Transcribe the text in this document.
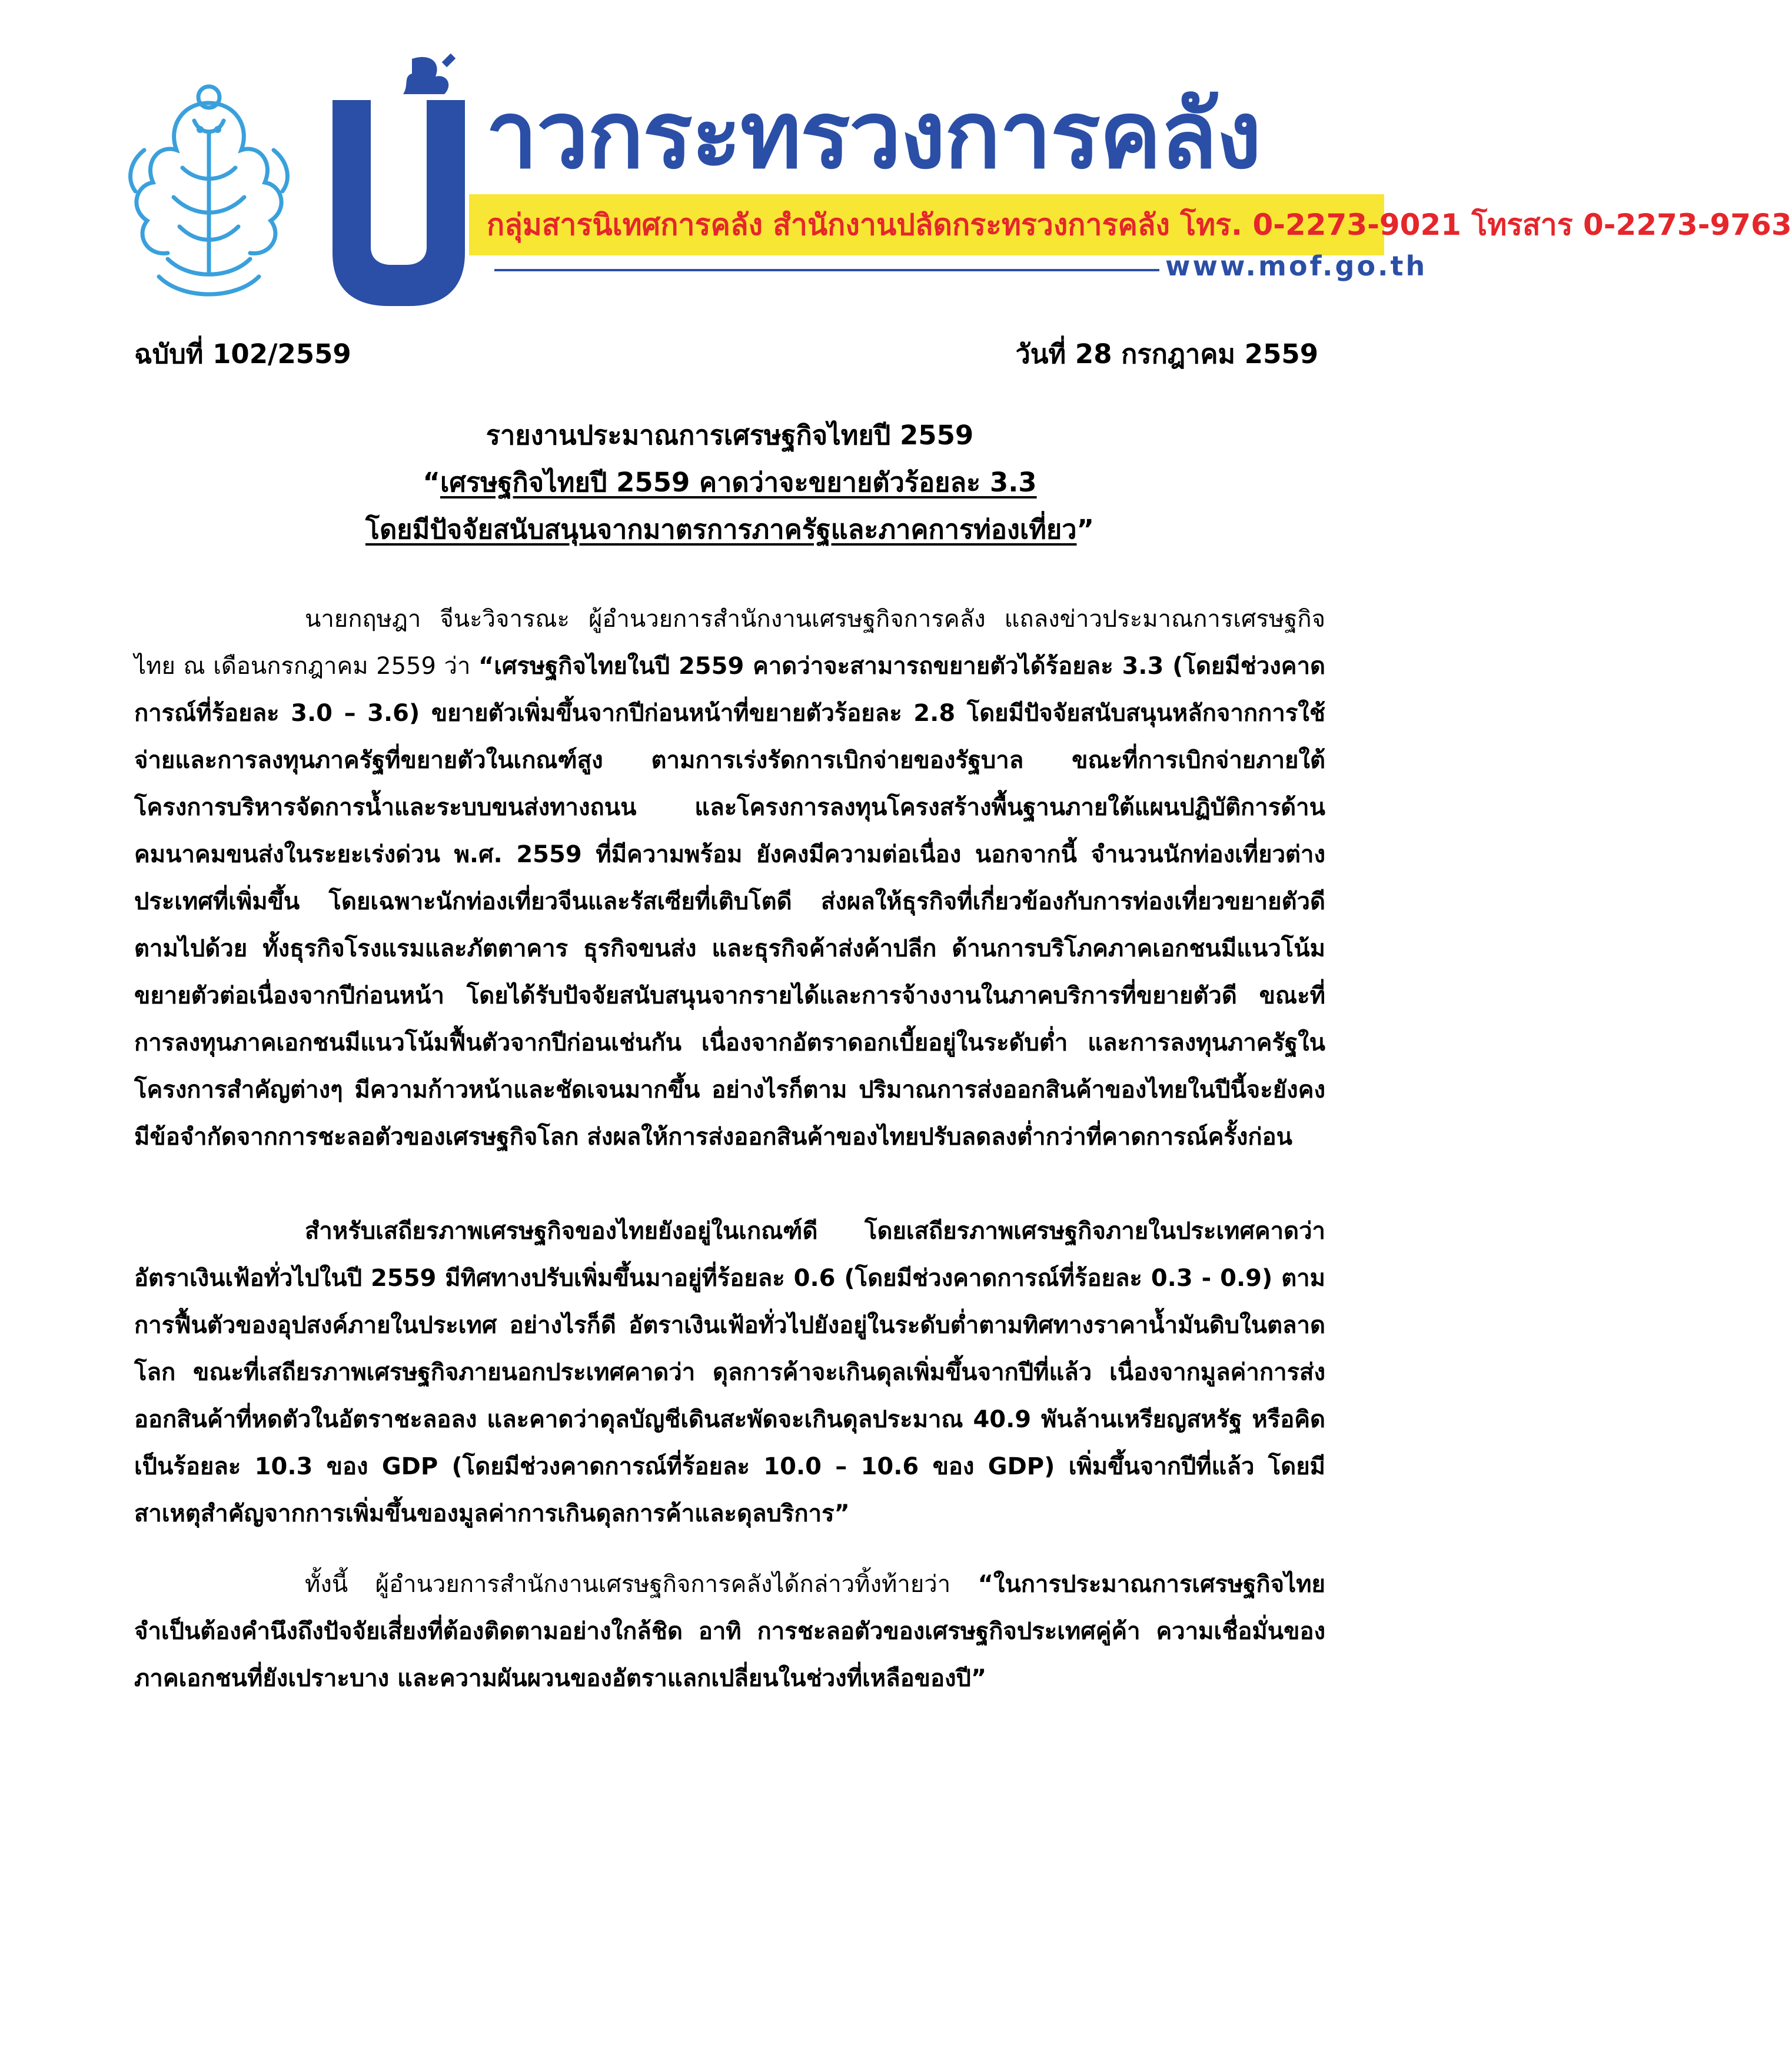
าวกระทรวงการคลัง
กลุ่มสารนิเทศการคลัง สำนักงานปลัดกระทรวงการคลัง โทร. 0-2273-9021 โทรสาร 0-2273-9763
www.mof.go.th
ฉบับที่ 102/2559	วันที่ 28 กรกฎาคม 2559
รายงานประมาณการเศรษฐกิจไทยปี 2559
“เศรษฐกิจไทยปี 2559 คาดว่าจะขยายตัวร้อยละ 3.3
โดยมีปัจจัยสนับสนุนจากมาตรการภาครัฐและภาคการท่องเที่ยว”

นายกฤษฎา จีนะวิจารณะ ผู้อำนวยการสำนักงานเศรษฐกิจการคลัง แถลงข่าวประมาณการเศรษฐกิจไทย ณ เดือนกรกฎาคม 2559 ว่า “เศรษฐกิจไทยในปี 2559 คาดว่าจะสามารถขยายตัวได้ร้อยละ 3.3 (โดยมีช่วงคาดการณ์ที่ร้อยละ 3.0 – 3.6) ขยายตัวเพิ่มขึ้นจากปีก่อนหน้าที่ขยายตัวร้อยละ 2.8 โดยมีปัจจัยสนับสนุนหลักจากการใช้จ่ายและการลงทุนภาครัฐที่ขยายตัวในเกณฑ์สูง ตามการเร่งรัดการเบิกจ่ายของรัฐบาล ขณะที่การเบิกจ่ายภายใต้โครงการบริหารจัดการน้ำและระบบขนส่งทางถนน และโครงการลงทุนโครงสร้างพื้นฐานภายใต้แผนปฏิบัติการด้านคมนาคมขนส่งในระยะเร่งด่วน พ.ศ. 2559 ที่มีความพร้อม ยังคงมีความต่อเนื่อง นอกจากนี้ จำนวนนักท่องเที่ยวต่างประเทศที่เพิ่มขึ้น โดยเฉพาะนักท่องเที่ยวจีนและรัสเซียที่เติบโตดี ส่งผลให้ธุรกิจที่เกี่ยวข้องกับการท่องเที่ยวขยายตัวดีตามไปด้วย ทั้งธุรกิจโรงแรมและภัตตาคาร ธุรกิจขนส่ง และธุรกิจค้าส่งค้าปลีก ด้านการบริโภคภาคเอกชนมีแนวโน้มขยายตัวต่อเนื่องจากปีก่อนหน้า โดยได้รับปัจจัยสนับสนุนจากรายได้และการจ้างงานในภาคบริการที่ขยายตัวดี ขณะที่การลงทุนภาคเอกชนมีแนวโน้มฟื้นตัวจากปีก่อนเช่นกัน เนื่องจากอัตราดอกเบี้ยอยู่ในระดับต่ำ และการลงทุนภาครัฐในโครงการสำคัญต่างๆ มีความก้าวหน้าและชัดเจนมากขึ้น อย่างไรก็ตาม ปริมาณการส่งออกสินค้าของไทยในปีนี้จะยังคงมีข้อจำกัดจากการชะลอตัวของเศรษฐกิจโลก ส่งผลให้การส่งออกสินค้าของไทยปรับลดลงต่ำกว่าที่คาดการณ์ครั้งก่อน

สำหรับเสถียรภาพเศรษฐกิจของไทยยังอยู่ในเกณฑ์ดี โดยเสถียรภาพเศรษฐกิจภายในประเทศคาดว่าอัตราเงินเฟ้อทั่วไปในปี 2559 มีทิศทางปรับเพิ่มขึ้นมาอยู่ที่ร้อยละ 0.6 (โดยมีช่วงคาดการณ์ที่ร้อยละ 0.3 - 0.9) ตามการฟื้นตัวของอุปสงค์ภายในประเทศ อย่างไรก็ดี อัตราเงินเฟ้อทั่วไปยังอยู่ในระดับต่ำตามทิศทางราคาน้ำมันดิบในตลาดโลก ขณะที่เสถียรภาพเศรษฐกิจภายนอกประเทศคาดว่า ดุลการค้าจะเกินดุลเพิ่มขึ้นจากปีที่แล้ว เนื่องจากมูลค่าการส่งออกสินค้าที่หดตัวในอัตราชะลอลง และคาดว่าดุลบัญชีเดินสะพัดจะเกินดุลประมาณ 40.9 พันล้านเหรียญสหรัฐ หรือคิดเป็นร้อยละ 10.3 ของ GDP (โดยมีช่วงคาดการณ์ที่ร้อยละ 10.0 – 10.6 ของ GDP) เพิ่มขึ้นจากปีที่แล้ว โดยมีสาเหตุสำคัญจากการเพิ่มขึ้นของมูลค่าการเกินดุลการค้าและดุลบริการ”

ทั้งนี้ ผู้อำนวยการสำนักงานเศรษฐกิจการคลังได้กล่าวทิ้งท้ายว่า “ในการประมาณการเศรษฐกิจไทยจำเป็นต้องคำนึงถึงปัจจัยเสี่ยงที่ต้องติดตามอย่างใกล้ชิด อาทิ การชะลอตัวของเศรษฐกิจประเทศคู่ค้า ความเชื่อมั่นของภาคเอกชนที่ยังเปราะบาง และความผันผวนของอัตราแลกเปลี่ยนในช่วงที่เหลือของปี”
